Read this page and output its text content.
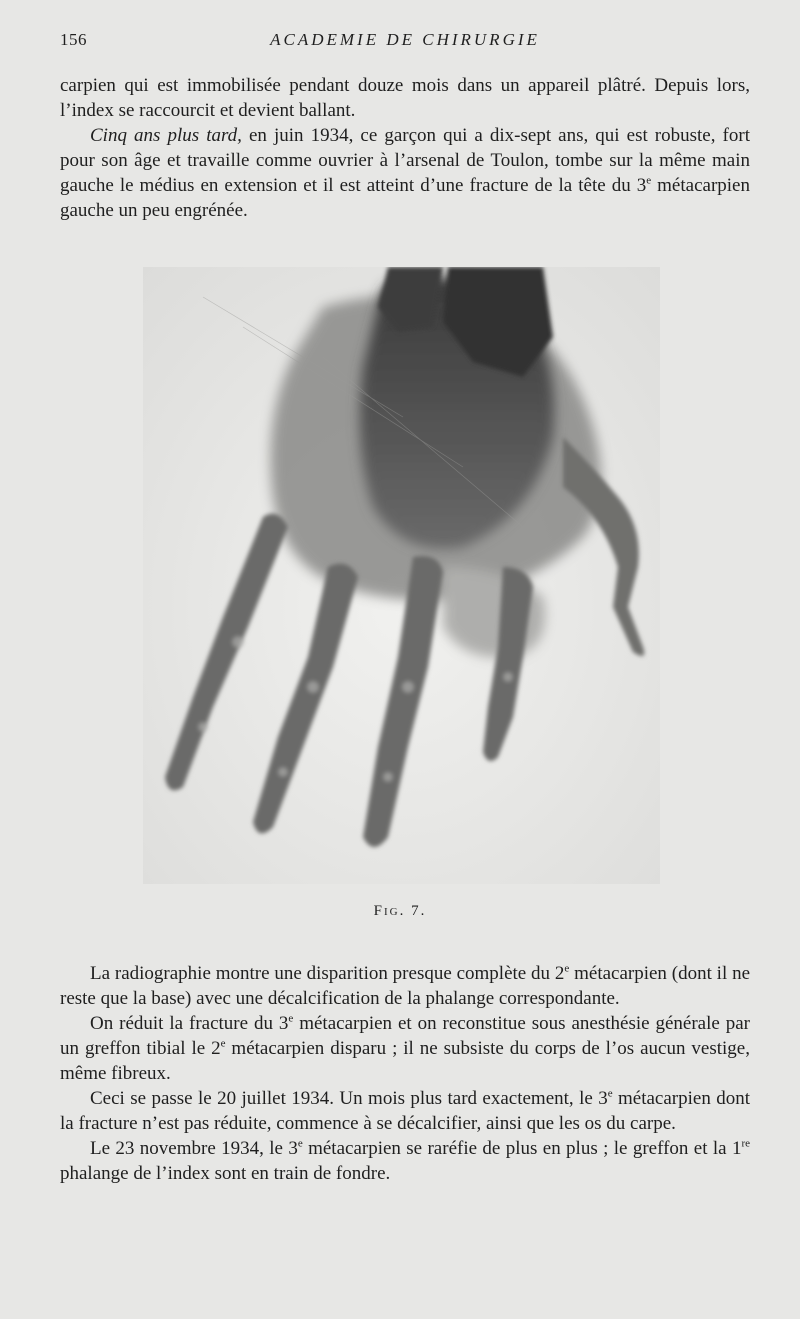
156	ACADEMIE DE CHIRURGIE

carpien qui est immobilisée pendant douze mois dans un appareil plâtré. Depuis lors, l’index se raccourcit et devient ballant.

Cinq ans plus tard, en juin 1934, ce garçon qui a dix-sept ans, qui est robuste, fort pour son âge et travaille comme ouvrier à l’arsenal de Toulon, tombe sur la même main gauche le médius en extension et il est atteint d’une fracture de la tête du 3e métacarpien gauche un peu engrénée.

Fig. 7.

La radiographie montre une disparition presque complète du 2e métacarpien (dont il ne reste que la base) avec une décalcification de la phalange correspondante.

On réduit la fracture du 3e métacarpien et on reconstitue sous anesthésie générale par un greffon tibial le 2e métacarpien disparu ; il ne subsiste du corps de l’os aucun vestige, même fibreux.

Ceci se passe le 20 juillet 1934. Un mois plus tard exactement, le 3e métacarpien dont la fracture n’est pas réduite, commence à se décalcifier, ainsi que les os du carpe.

Le 23 novembre 1934, le 3e métacarpien se raréfie de plus en plus ; le greffon et la 1re phalange de l’index sont en train de fondre.
